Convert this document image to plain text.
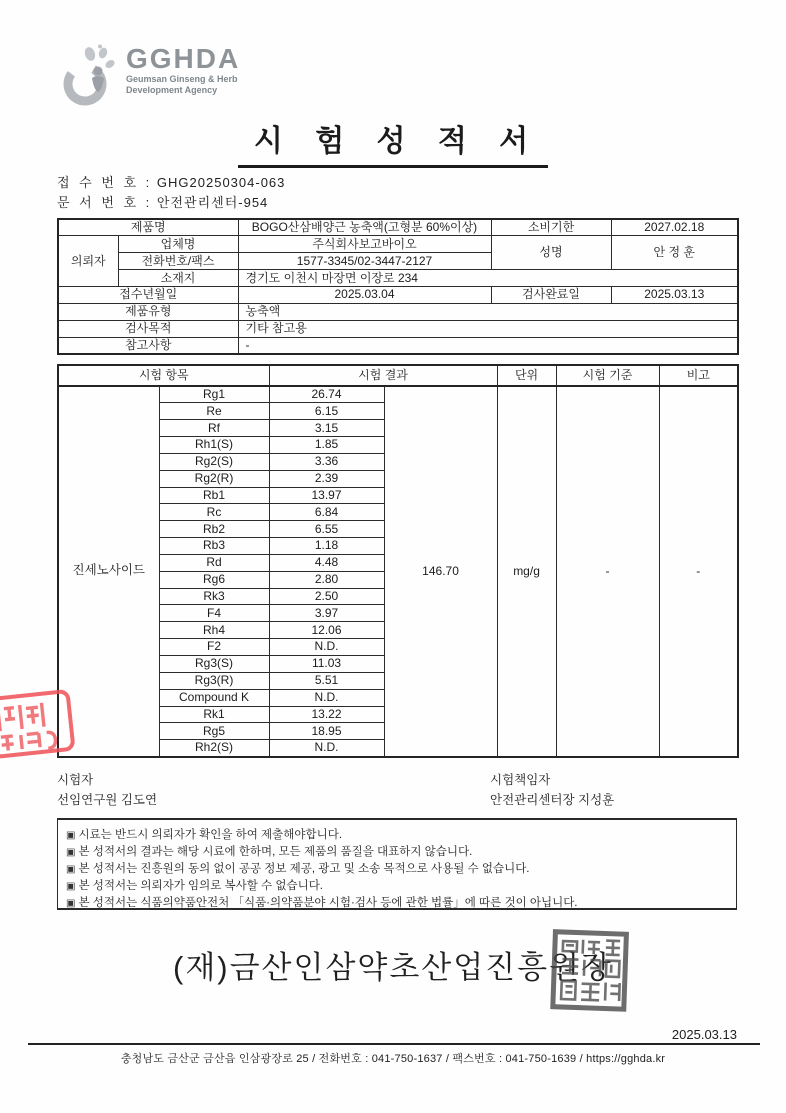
GGHDA
Geumsan Ginseng & Herb
Development Agency
시 험 성 적 서
접 수 번 호 : GHG20250304-063
문 서 번 호 : 안전관리센터-954
제품명		BOGO산삼배양근 농축액(고형분 60%이상)	소비기한	2027.02.18
의뢰자	업체명	주식회사보고바이오	성명	안 정 훈
	전화번호/팩스	1577-3345/02-3447-2127		
	소재지	경기도 이천시 마장면 이장로 234		
접수년월일		2025.03.04	검사완료일	2025.03.13
제품유형		농축액		
검사목적		기타 참고용		
참고사항		-		
시험 항목		시험 결과		단위	시험 기준	비고
진세노사이드	Rg1	26.74	146.70	mg/g	-	-
	Re	6.15				
	Rf	3.15				
	Rh1(S)	1.85				
	Rg2(S)	3.36				
	Rg2(R)	2.39				
	Rb1	13.97				
	Rc	6.84				
	Rb2	6.55				
	Rb3	1.18				
	Rd	4.48				
	Rg6	2.80				
	Rk3	2.50				
	F4	3.97				
	Rh4	12.06				
	F2	N.D.				
	Rg3(S)	11.03				
	Rg3(R)	5.51				
	Compound K	N.D.				
	Rk1	13.22				
	Rg5	18.95				
	Rh2(S)	N.D.				
시험자
선임연구원 김도연
시험책임자
안전관리센터장 지성훈
▣ 시료는 반드시 의뢰자가 확인을 하여 제출해야합니다.
▣ 본 성적서의 결과는 해당 시료에 한하며, 모든 제품의 품질을 대표하지 않습니다.
▣ 본 성적서는 진흥원의 동의 없이 공공 정보 제공, 광고 및 소송 목적으로 사용될 수 없습니다.
▣ 본 성적서는 의뢰자가 임의로 복사할 수 없습니다.
▣ 본 성적서는 식품의약품안전처 「식품·의약품분야 시험·검사 등에 관한 법률」에 따른 것이 아닙니다.
(재)금산인삼약초산업진흥원장
2025.03.13
충청남도 금산군 금산읍 인삼광장로 25 / 전화번호 : 041-750-1637 / 팩스번호 : 041-750-1639 / https://gghda.kr
